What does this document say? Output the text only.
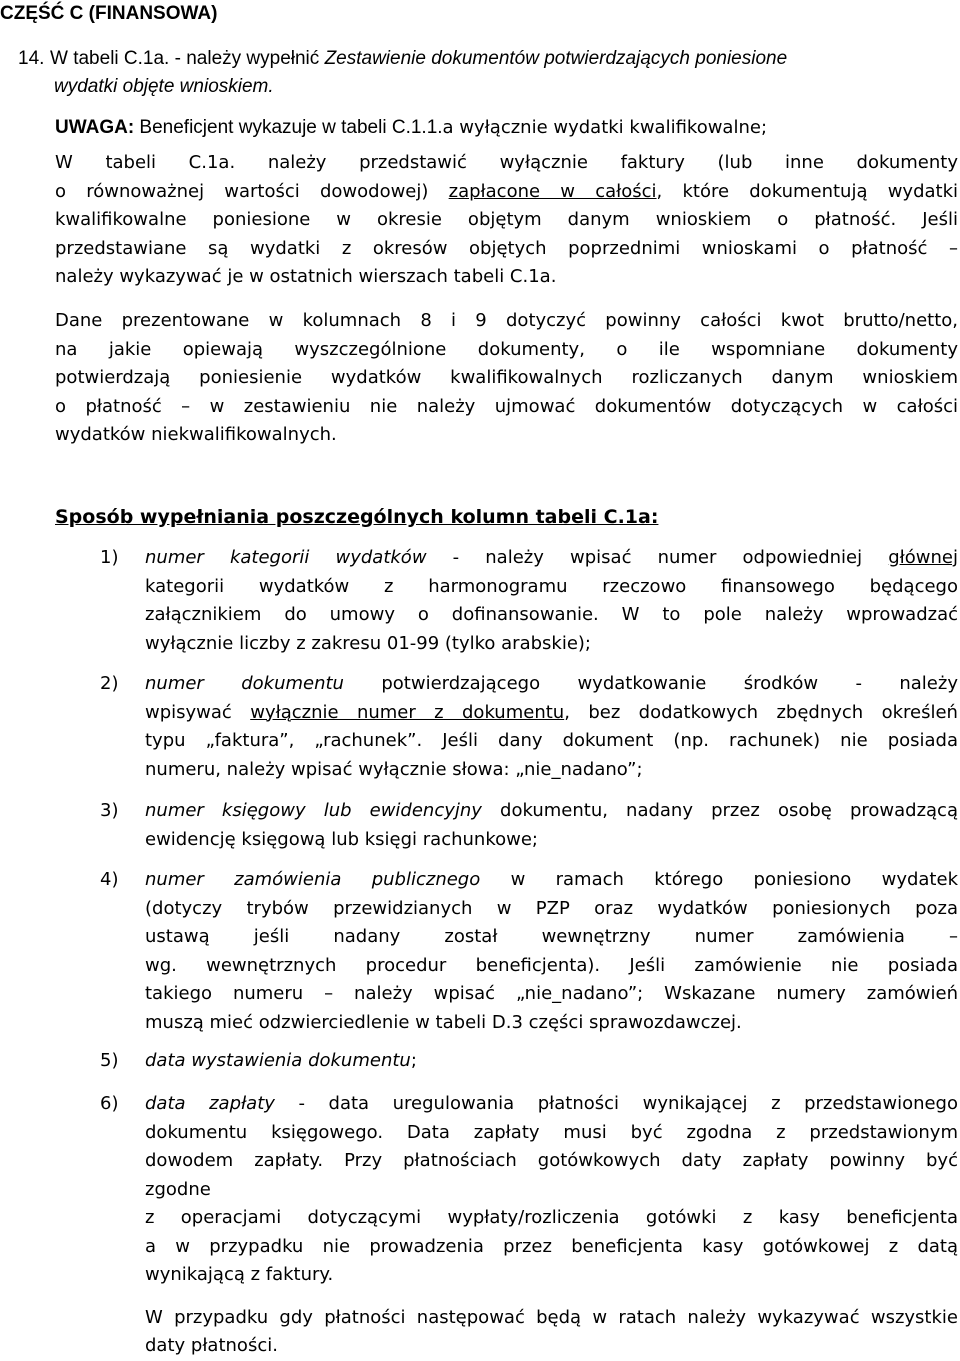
CZĘŚĆ C (FINANSOWA)
14. W tabeli C.1a. - należy wypełnić Zestawienie dokumentów potwierdzających poniesione
wydatki objęte wnioskiem.
UWAGA: Beneficjent wykazuje w tabeli C.1.1.a wyłącznie wydatki kwalifikowalne;
W tabeli C.1a. należy przedstawić wyłącznie faktury (lub inne dokumenty
o równoważnej wartości dowodowej) zapłacone w całości, które dokumentują wydatki
kwalifikowalne poniesione w okresie objętym danym wnioskiem o płatność. Jeśli
przedstawiane są wydatki z okresów objętych poprzednimi wnioskami o płatność –
należy wykazywać je w ostatnich wierszach tabeli C.1a.
Dane prezentowane w kolumnach 8 i 9 dotyczyć powinny całości kwot brutto/netto,
na jakie opiewają wyszczególnione dokumenty, o ile wspomniane dokumenty
potwierdzają poniesienie wydatków kwalifikowalnych rozliczanych danym wnioskiem
o płatność – w zestawieniu nie należy ujmować dokumentów dotyczących w całości
wydatków niekwalifikowalnych.
Sposób wypełniania poszczególnych kolumn tabeli C.1a:
1) numer kategorii wydatków - należy wpisać numer odpowiedniej głównej
kategorii wydatków z harmonogramu rzeczowo finansowego będącego
załącznikiem do umowy o dofinansowanie. W to pole należy wprowadzać
wyłącznie liczby z zakresu 01-99 (tylko arabskie);
2) numer dokumentu potwierdzającego wydatkowanie środków - należy
wpisywać wyłącznie numer z dokumentu, bez dodatkowych zbędnych określeń
typu „faktura”, „rachunek”. Jeśli dany dokument (np. rachunek) nie posiada
numeru, należy wpisać wyłącznie słowa: „nie_nadano”;
3) numer księgowy lub ewidencyjny dokumentu, nadany przez osobę prowadzącą
ewidencję księgową lub księgi rachunkowe;
4) numer zamówienia publicznego w ramach którego poniesiono wydatek
(dotyczy trybów przewidzianych w PZP oraz wydatków poniesionych poza
ustawą jeśli nadany został wewnętrzny numer zamówienia –
wg. wewnętrznych procedur beneficjenta). Jeśli zamówienie nie posiada
takiego numeru – należy wpisać „nie_nadano”; Wskazane numery zamówień
muszą mieć odzwierciedlenie w tabeli D.3 części sprawozdawczej.
5) data wystawienia dokumentu;
6) data zapłaty - data uregulowania płatności wynikającej z przedstawionego
dokumentu księgowego. Data zapłaty musi być zgodna z przedstawionym
dowodem zapłaty. Przy płatnościach gotówkowych daty zapłaty powinny być
zgodne
z operacjami dotyczącymi wypłaty/rozliczenia gotówki z kasy beneficjenta
a w przypadku nie prowadzenia przez beneficjenta kasy gotówkowej z datą
wynikającą z faktury.
W przypadku gdy płatności następować będą w ratach należy wykazywać wszystkie
daty płatności.
